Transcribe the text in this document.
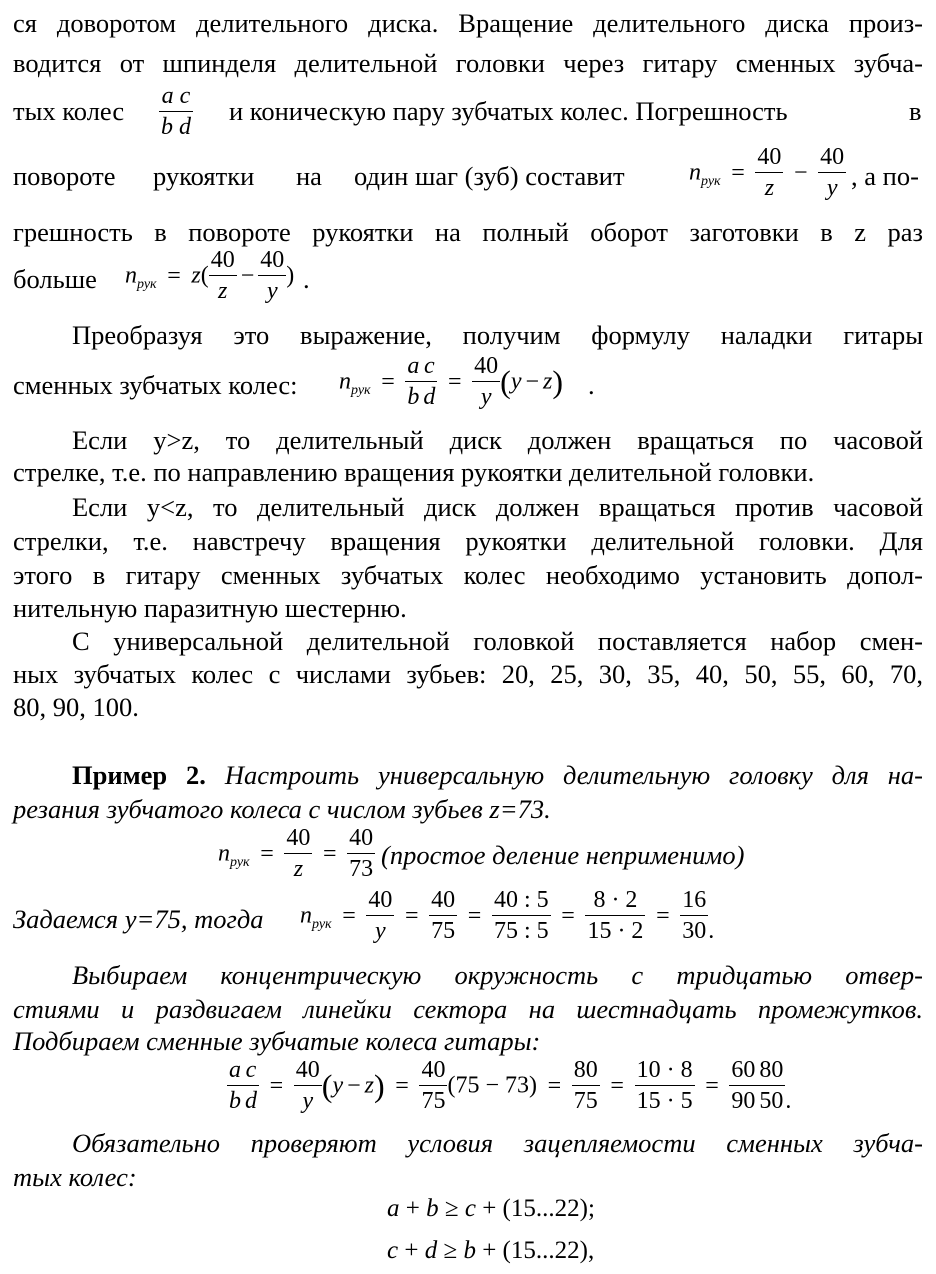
ся доворотом делительного диска. Вращение делительного диска произ-
водится от шпинделя делительной головки через гитару сменных зубча-
тых колес $\frac{\text{a c}}{\text{b d}}$ и коническую пару зубчатых колес. Погрешность	в
повороте рукоятки на один шаг (зуб) составит	$n_{рук} = \frac{40}{z} - \frac{40}{y}$ , а по-
грешность в повороте рукоятки на полный оборот заготовки в z раз
больше $n_{рук} = z( \frac{40}{z} - \frac{40}{y}$ ) .
Преобразуя это выражение, получим формулу наладки гитары
сменных зубчатых колес: $n_{рук} = \frac{a}{b} \frac{c}{d} = \frac{40}{y} (y - z)$ .
Если y>z, то делительный диск должен вращаться по часовой
стрелке, т.е. по направлению вращения рукоятки делительной головки.
Если y<z, то делительный диск должен вращаться против часовой
стрелки, т.е. навстречу вращения рукоятки делительной головки. Для
этого в гитару сменных зубчатых колес необходимо установить допол-
нительную паразитную шестерню.
С универсальной делительной головкой поставляется набор смен-
ных зубчатых колес с числами зубьев: 20, 25, 30, 35, 40, 50, 55, 60, 70,
80, 90, 100.
Пример 2. Настроить универсальную делительную головку для на-
резания зубчатого колеса с числом зубьев z=73.
$n_{рук} = \frac{40}{z} = \frac{40}{73}$ (простое деление неприменимо)
Задаемся y=75, тогда $n_{рук} = \frac{40}{y} = \frac{40}{75} = \frac{40 : 5}{75 : 5} = \frac{8 \cdot 2}{15 \cdot 2} = \frac{16}{30}$ .
Выбираем концентрическую окружность с тридцатью отвер-
стиями и раздвигаем линейки сектора на шестнадцать промежутков.
Подбираем сменные зубчатые колеса гитары:
$\frac{a}{b} \frac{c}{d} = \frac{40}{y} (y - z) = \frac{40}{75} (75 - 73) = \frac{80}{75} = \frac{10 \cdot 8}{15 \cdot 5} = \frac{60}{90} \frac{80}{50}$ .
Обязательно проверяют условия зацепляемости сменных зубча-
тых колес:
a + b ≥ c + (15...22);
c + d ≥ b + (15...22),
